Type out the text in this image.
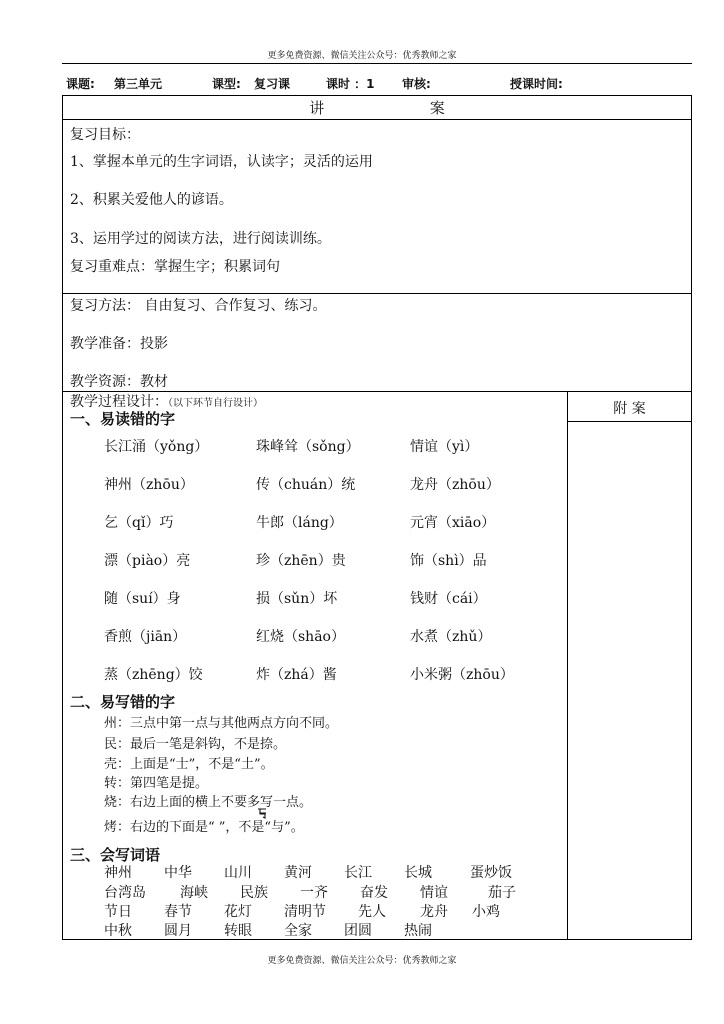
更多免费资源、微信关注公众号：优秀教师之家
课题: 第三单元	课型: 复习课	课时 ：1 审核:	授课时间:
讲	案
复习目标：
1、掌握本单元的生字词语，认读字；灵活的运用
2、积累关爱他人的谚语。
3、运用学过的阅读方法，进行阅读训练。
复习重难点：掌握生字；积累词句
复习方法： 自由复习、合作复习、练习。
教学准备：投影
教学资源：教材
教学过程设计：（以下环节自行设计）	附 案
一、易读错的字
长江涌（yǒng）	珠峰耸（sǒng）	情谊（yì）
神州（zhōu）	传（chuán）统	龙舟（zhōu）
乞（qǐ）巧	牛郎（láng）	元宵（xiāo）
漂（piào）亮	珍（zhēn）贵	饰（shì）品
随（suí）身	损（sǔn）坏	钱财（cái）
香煎（jiān）	红烧（shāo）	水煮（zhǔ）
蒸（zhēng）饺	炸（zhá）酱	小米粥（zhōu）
二、易写错的字
州：三点中第一点与其他两点方向不同。
民：最后一笔是斜钩，不是捺。
壳：上面是“士”，不是“土”。
转：第四笔是提。
烧：右边上面的横上不要多写一点。
烤：右边的下面是“ ”，不是“与”。
三、会写词语
神州 中华 山川 黄河 长江 长城	蛋炒饭
台湾岛 海峡 民族 一齐 奋发 情谊	茄子
节日 春节 花灯 清明节 先人 龙舟 小鸡
中秋 圆月 转眼 全家 团圆 热闹
更多免费资源、微信关注公众号：优秀教师之家
